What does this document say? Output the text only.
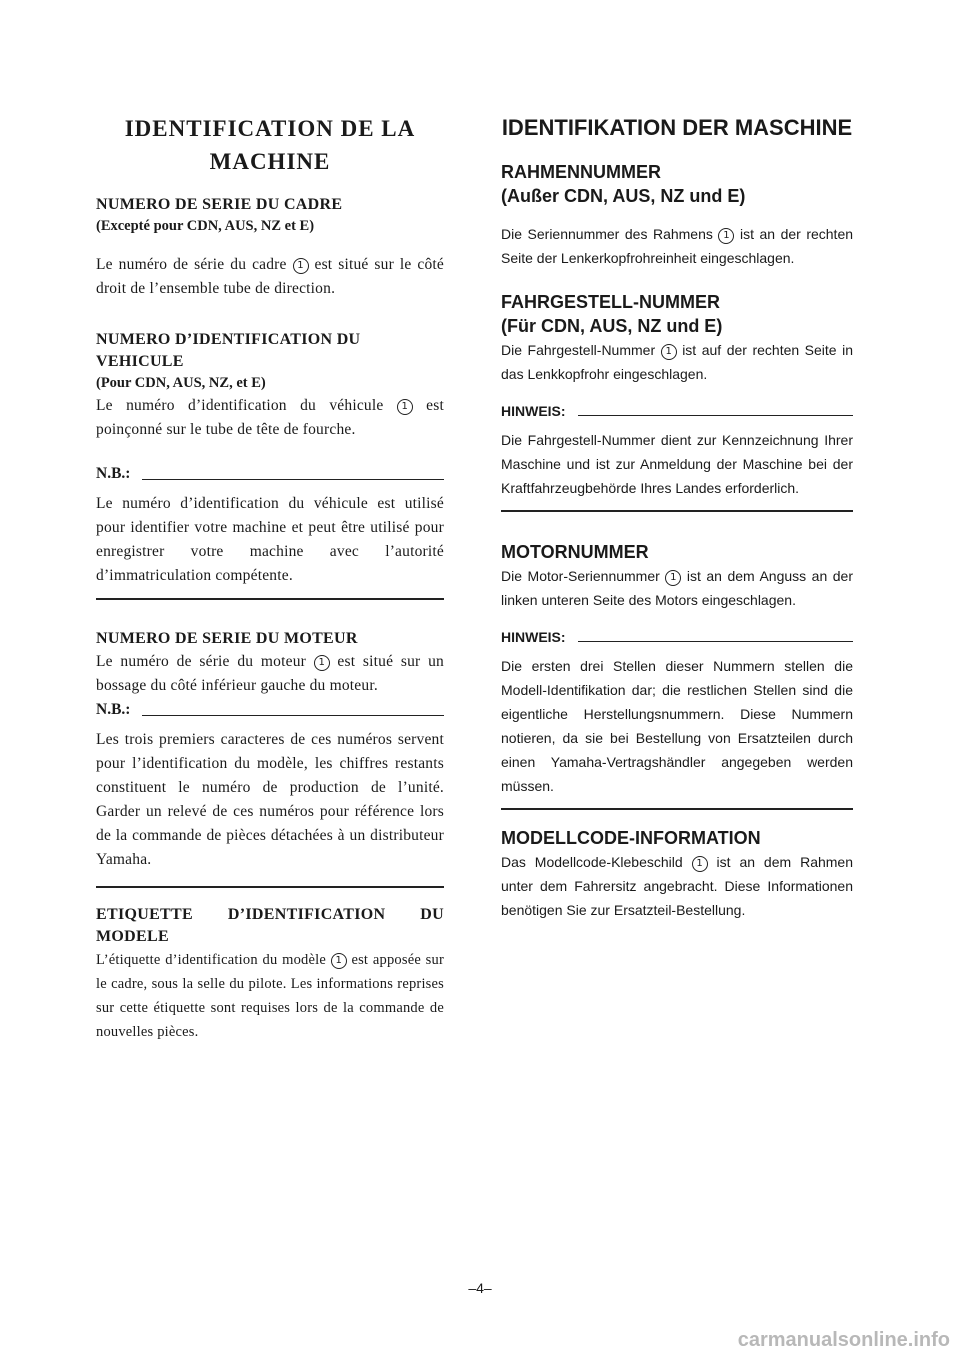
IDENTIFICATION DE LA MACHINE

NUMERO DE SERIE DU CADRE

(Excepté pour CDN, AUS, NZ et E)

Le numéro de série du cadre 1 est situé sur le côté droit de l’ensemble tube de direction.

NUMERO D’IDENTIFICATION DU VEHICULE

(Pour CDN, AUS, NZ, et E)

Le numéro d’identification du véhicule 1 est poinçonné sur le tube de tête de fourche.

N.B.:

Le numéro d’identification du véhicule est utilisé pour identifier votre machine et peut être utilisé pour enregistrer votre machine avec l’autorité d’immatriculation compétente.

NUMERO DE SERIE DU MOTEUR

Le numéro de série du moteur 1 est situé sur un bossage du côté inférieur gauche du moteur.

N.B.:

Les trois premiers caracteres de ces numéros servent pour l’identification du modèle, les chiffres restants constituent le numéro de production de l’unité. Garder un relevé de ces numéros pour référence lors de la commande de pièces détachées à un distributeur Yamaha.

ETIQUETTE D’IDENTIFICATION DU MODELE

L’étiquette d’identification du modèle 1 est apposée sur le cadre, sous la selle du pilote. Les informations reprises sur cette étiquette sont requises lors de la commande de nouvelles pièces.

IDENTIFIKATION DER MASCHINE

RAHMENNUMMER

(Außer CDN, AUS, NZ und E)

Die Seriennummer des Rahmens 1 ist an der rechten Seite der Lenkerkopfrohreinheit eingeschlagen.

FAHRGESTELL-NUMMER

(Für CDN, AUS, NZ und E)

Die Fahrgestell-Nummer 1 ist auf der rechten Seite in das Lenkkopfrohr eingeschlagen.

HINWEIS:

Die Fahrgestell-Nummer dient zur Kennzeichnung Ihrer Maschine und ist zur Anmeldung der Maschine bei der Kraftfahrzeugbehörde Ihres Landes erforderlich.

MOTORNUMMER

Die Motor-Seriennummer 1 ist an dem Anguss an der linken unteren Seite des Motors eingeschlagen.

HINWEIS:

Die ersten drei Stellen dieser Nummern stellen die Modell-Identifikation dar; die restlichen Stellen sind die eigentliche Herstellungsnummern. Diese Nummern notieren, da sie bei Bestellung von Ersatzteilen durch einen Yamaha-Vertragshändler angegeben werden müssen.

MODELLCODE-INFORMATION

Das Modellcode-Klebeschild 1 ist an dem Rahmen unter dem Fahrersitz angebracht. Diese Informationen benötigen Sie zur Ersatzteil-Bestellung.

–4–
carmanualsonline.info
